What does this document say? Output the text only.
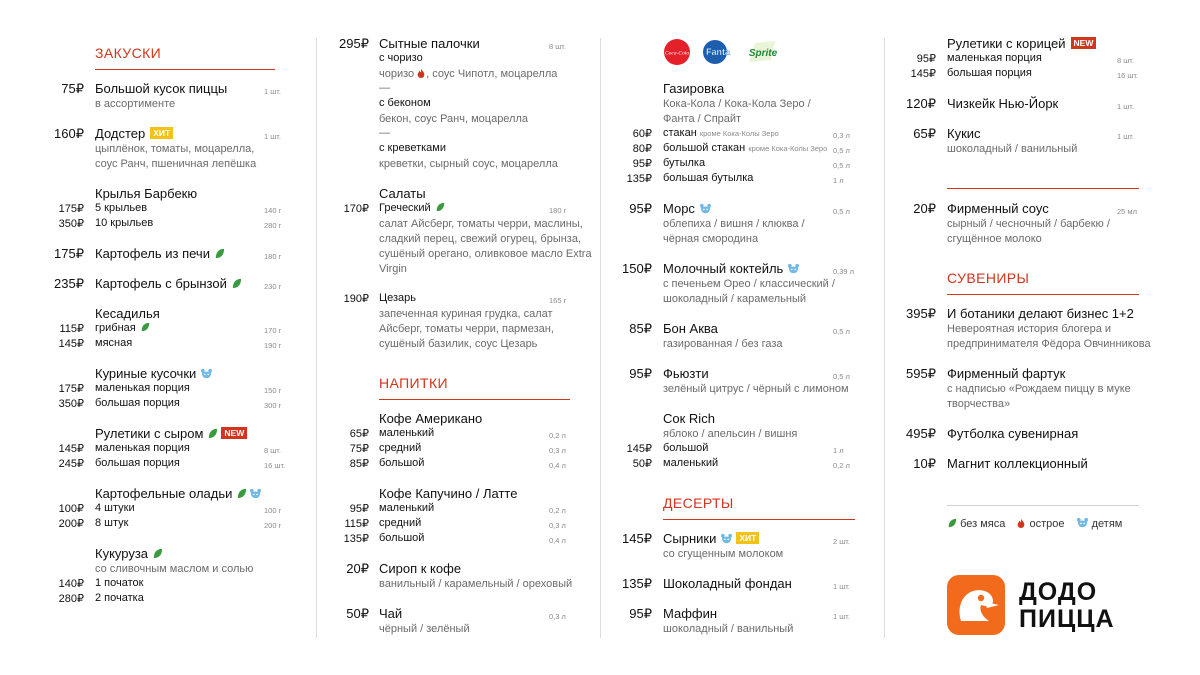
ЗАКУСКИ
75₽ Большой кусок пиццы
в ассортименте
1 шт.
160₽ Додстер ХИТ
цыплёнок, томаты, моцарелла,
соус Ранч, пшеничная лепёшка
1 шт.
Крылья Барбекю
175₽ 5 крыльев	140 г
350₽ 10 крыльев	280 г
175₽ Картофель из печи	180 г
235₽ Картофель с брынзой	230 г
Кесадилья
115₽ грибная	170 г
145₽ мясная	190 г
Куриные кусочки
175₽ маленькая порция	150 г
350₽ большая порция	300 г
Рулетики с сыром NEW
145₽ маленькая порция	8 шт.
245₽ большая порция	16 шт.
Картофельные оладьи
100₽ 4 штуки	100 г
200₽ 8 штук	200 г
Кукуруза
со сливочным маслом и солью
140₽ 1 початок
280₽ 2 початка
295₽ Сытные палочки	8 шт.
с чоризо
чоризо , соус Чипотл, моцарелла
—
с беконом
бекон, соус Ранч, моцарелла
—
с креветками
креветки, сырный соус, моцарелла
Салаты
170₽ Греческий	180 г
салат Айсберг, томаты черри, маслины,
сладкий перец, свежий огурец, брынза,
сушёный орегано, оливковое масло Extra
Virgin
190₽ Цезарь	165 г
запеченная куриная грудка, салат
Айсберг, томаты черри, пармезан,
сушёный базилик, соус Цезарь
НАПИТКИ
Кофе Американо
65₽ маленький	0,2 л
75₽ средний	0,3 л
85₽ большой	0,4 л
Кофе Капучино / Латте
95₽ маленький	0,2 л
115₽ средний	0,3 л
135₽ большой	0,4 л
20₽ Сироп к кофе
ванильный / карамельный / ореховый
50₽ Чай
чёрный / зелёный
0,3 л
Coca-Cola Fanta Sprite
Газировка
Кока-Кола / Кока-Кола Зеро /
Фанта / Спрайт
60₽ стакан кроме Кока-Колы Зеро	0,3 л
80₽ большой стакан кроме Кока-Колы Зеро 0,5 л
95₽ бутылка	0,5 л
135₽ большая бутылка	1 л
95₽ Морс
облепиха / вишня / клюква /
чёрная смородина
0,5 л
150₽ Молочный коктейль
с печеньем Орео / классический /
шоколадный / карамельный
0,39 л
85₽ Бон Аква
газированная / без газа
0,5 л
95₽ Фьюзти
зелёный цитрус / чёрный с лимоном
0,5 л
Сок Rich
яблоко / апельсин / вишня
145₽ большой	1 л
50₽ маленький	0,2 л
ДЕСЕРТЫ
145₽ Сырники	ХИТ
со сгущенным молоком
2 шт.
135₽ Шоколадный фондан	1 шт.
95₽ Маффин
шоколадный / ванильный
1 шт.
Рулетики с корицей NEW
95₽ маленькая порция	8 шт.
145₽ большая порция	16 шт.
120₽ Чизкейк Нью-Йорк	1 шт.
65₽ Кукис
шоколадный / ванильный
1 шт.
20₽ Фирменный соус
сырный / чесночный / барбекю /
сгущённое молоко
25 мл
СУВЕНИРЫ
395₽ И ботаники делают бизнес 1+2
Невероятная история блогера и
предпринимателя Фёдора Овчинникова
595₽ Фирменный фартук
с надписью «Рождаем пиццу в муке
творчества»
495₽ Футболка сувенирная
10₽ Магнит коллекционный
без мяса острое детям
ДОДО
ПИЦЦА
